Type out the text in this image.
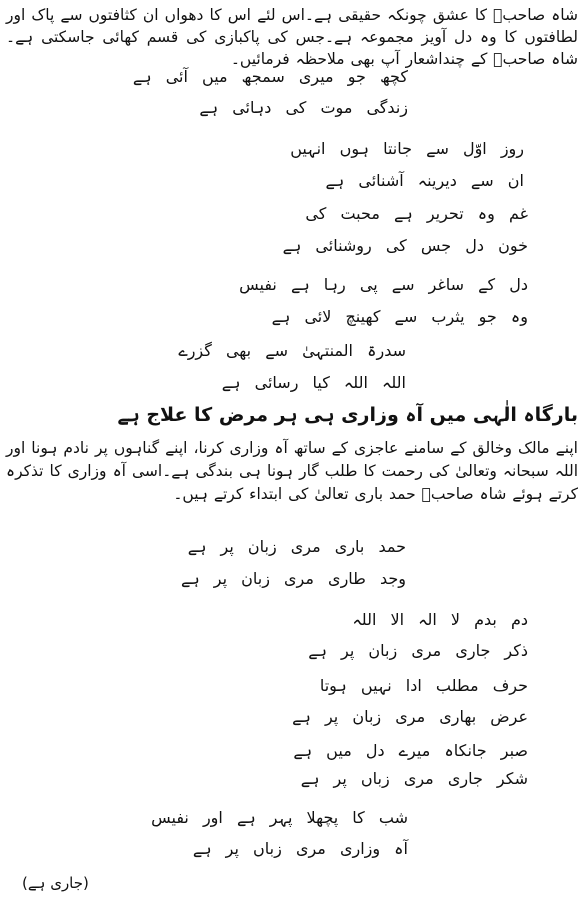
شاہ صاحبؒ کا عشق چونکہ حقیقی ہے۔اس لئے اس کا دھواں ان کثافتوں سے پاک اور لطافتوں کا وہ دل آویز مجموعہ ہے۔جس کی پاکبازی کی قسم کھائی جاسکتی ہے۔شاہ صاحبؒ کے چنداشعار آپ بھی ملاحظہ فرمائیں۔

کچھ جو میری سمجھ میں آئی ہے

زندگی موت کی دہائی ہے

روز اوّل سے جانتا ہوں انہیں

ان سے دیرینہ آشنائی ہے

غم وہ تحریر ہے محبت کی

خون دل جس کی روشنائی ہے

دل کے ساغر سے پی رہا ہے نفیس

وہ جو یثرب سے کھینچ لائی ہے

سدرۃ المنتہیٰ سے بھی گزرے

اللہ اللہ کیا رسائی ہے

بارگاہ الٰہی میں آہ وزاری ہی ہر مرض کا علاج ہے

اپنے مالک وخالق کے سامنے عاجزی کے ساتھ آہ وزاری کرنا، اپنے گناہوں پر نادم ہونا اور اللہ سبحانہ وتعالیٰ کی رحمت کا طلب گار ہونا ہی بندگی ہے۔اسی آہ وزاری کا تذکرہ کرتے ہوئے شاہ صاحبؒ حمد باری تعالیٰ کی ابتداء کرتے ہیں۔

حمد باری مری زبان پر ہے

وجد طاری مری زبان پر ہے

دم بدم لا الہ الا اللہ

ذکر جاری مری زبان پر ہے

حرف مطلب ادا نہیں ہوتا

عرض بھاری مری زبان پر ہے

صبر جانکاہ میرے دل میں ہے

شکر جاری مری زباں پر ہے

شب کا پچھلا پہر ہے اور نفیس

آہ وزاری مری زباں پر ہے

(جاری ہے)
